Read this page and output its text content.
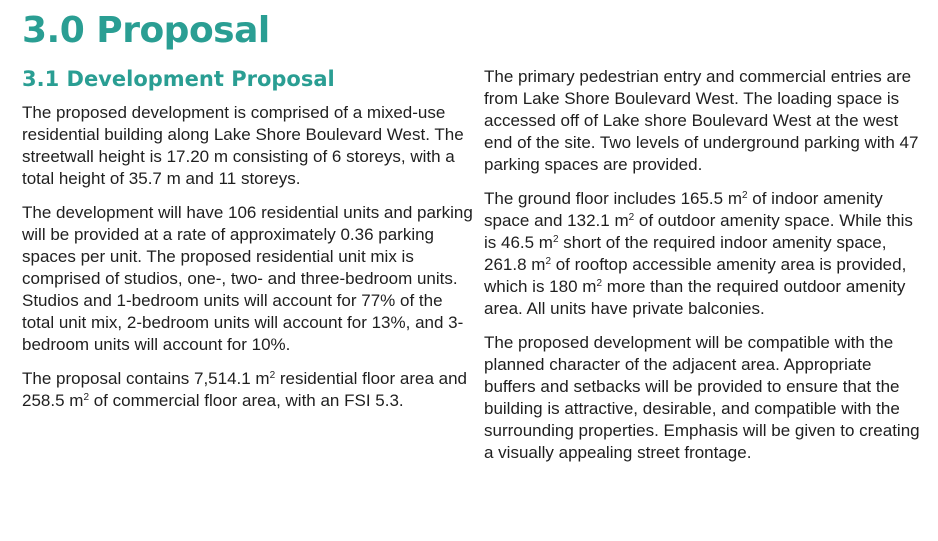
3.0 Proposal
3.1 Development Proposal

The proposed development is comprised of a mixed-use residential building along Lake Shore Boulevard West. The streetwall height is 17.20 m consisting of 6 storeys, with a total height of 35.7 m and 11 storeys.

The development will have 106 residential units and parking will be provided at a rate of approximately 0.36 parking spaces per unit. The proposed residential unit mix is comprised of studios, one-, two- and three-bedroom units. Studios and 1-bedroom units will account for 77% of the total unit mix, 2-bedroom units will account for 13%, and 3-bedroom units will account for 10%.

The proposal contains 7,514.1 $m^2$ residential floor area and 258.5 $m^2$ of commercial floor area, with an FSI 5.3.

The primary pedestrian entry and commercial entries are from Lake Shore Boulevard West. The loading space is accessed off of Lake shore Boulevard West at the west end of the site. Two levels of underground parking with 47 parking spaces are provided.

The ground floor includes 165.5 $m^2$ of indoor amenity space and 132.1 $m^2$ of outdoor amenity space. While this is 46.5 $m^2$ short of the required indoor amenity space, 261.8 $m^2$ of rooftop accessible amenity area is provided, which is 180 $m^2$ more than the required outdoor amenity area. All units have private balconies.

The proposed development will be compatible with the planned character of the adjacent area. Appropriate buffers and setbacks will be provided to ensure that the building is attractive, desirable, and compatible with the surrounding properties. Emphasis will be given to creating a visually appealing street frontage.
